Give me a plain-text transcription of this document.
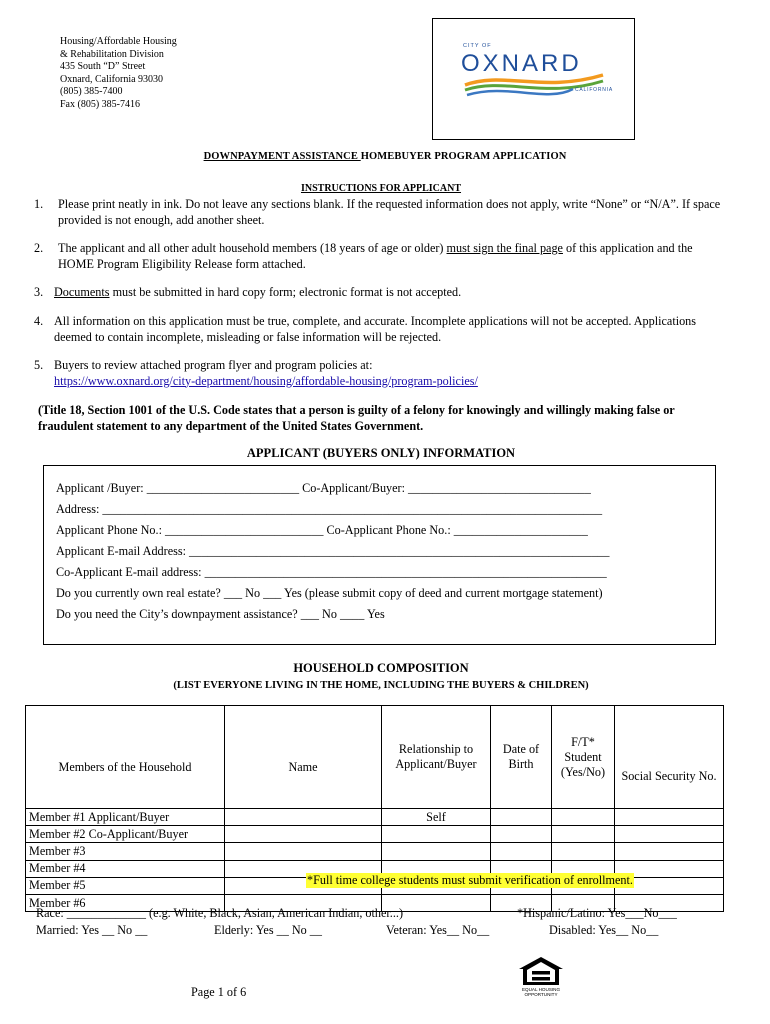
Housing/Affordable Housing
& Rehabilitation Division
435 South “D” Street
Oxnard, California 93030
(805) 385-7400
Fax (805) 385-7416
CITY OF
OXNARD
CALIFORNIA
DOWNPAYMENT ASSISTANCE HOMEBUYER PROGRAM APPLICATION
INSTRUCTIONS FOR APPLICANT
1. Please print neatly in ink. Do not leave any sections blank. If the requested information does not apply, write “None” or “N/A”. If space provided is not enough, add another sheet.
2. The applicant and all other adult household members (18 years of age or older) must sign the final page of this application and the HOME Program Eligibility Release form attached.
3. Documents must be submitted in hard copy form; electronic format is not accepted.
4. All information on this application must be true, complete, and accurate. Incomplete applications will not be accepted. Applications deemed to contain incomplete, misleading or false information will be rejected.
5. Buyers to review attached program flyer and program policies at:
https://www.oxnard.org/city-department/housing/affordable-housing/program-policies/
(Title 18, Section 1001 of the U.S. Code states that a person is guilty of a felony for knowingly and willingly making false or fraudulent statement to any department of the United States Government.
APPLICANT (BUYERS ONLY) INFORMATION
Applicant /Buyer: _________________________ Co-Applicant/Buyer: ______________________________
Address: __________________________________________________________________________________
Applicant Phone No.: __________________________ Co-Applicant Phone No.: ______________________
Applicant E-mail Address: _____________________________________________________________________
Co-Applicant E-mail address: __________________________________________________________________
Do you currently own real estate? ___ No ___ Yes (please submit copy of deed and current mortgage statement)
Do you need the City’s downpayment assistance? ___ No ____ Yes
HOUSEHOLD COMPOSITION
(LIST EVERYONE LIVING IN THE HOME, INCLUDING THE BUYERS & CHILDREN)
Members of the Household	Name	Relationship to Applicant/Buyer	Date of Birth	F/T* Student (Yes/No)	Social Security No.
Member #1 Applicant/Buyer		Self			
Member #2 Co-Applicant/Buyer					
Member #3					
Member #4					
Member #5					
Member #6					
*Full time college students must submit verification of enrollment.
Race: _____________ (e.g. White, Black, Asian, American Indian, other...)	*Hispanic/Latino: Yes___No___
Married: Yes __ No __	Elderly: Yes __ No __	Veteran: Yes__ No__	Disabled: Yes__ No__
Page 1 of 6	EQUAL HOUSING
OPPORTUNITY
